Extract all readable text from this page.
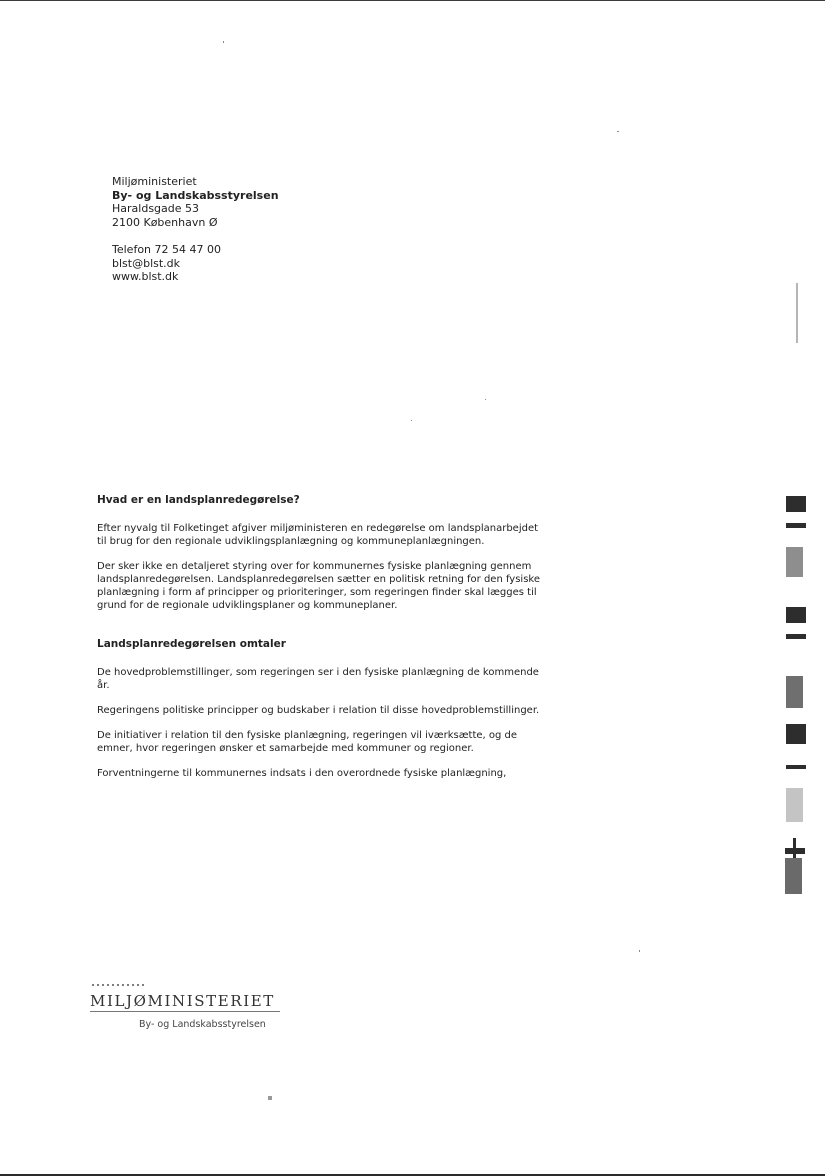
Miljøministeriet
By- og Landskabsstyrelsen
Haraldsgade 53
2100 København Ø
Telefon 72 54 47 00
blst@blst.dk
www.blst.dk
Hvad er en landsplanredegørelse?

Efter nyvalg til Folketinget afgiver miljøministeren en redegørelse om landsplanarbejdet til brug for den regionale udviklingsplanlægning og kommuneplanlægningen.

Der sker ikke en detaljeret styring over for kommunernes fysiske planlægning gennem landsplanredegørelsen. Landsplanredegørelsen sætter en politisk retning for den fysiske planlægning i form af principper og prioriteringer, som regeringen finder skal lægges til grund for de regionale udviklingsplaner og kommuneplaner.

Landsplanredegørelsen omtaler

De hovedproblemstillinger, som regeringen ser i den fysiske planlægning de kommende år.

Regeringens politiske principper og budskaber i relation til disse hovedproblemstillinger.

De initiativer i relation til den fysiske planlægning, regeringen vil iværksætte, og de emner, hvor regeringen ønsker et samarbejde med kommuner og regioner.

Forventningerne til kommunernes indsats i den overordnede fysiske planlægning,

MILJØMINISTERIET
By- og Landskabsstyrelsen
